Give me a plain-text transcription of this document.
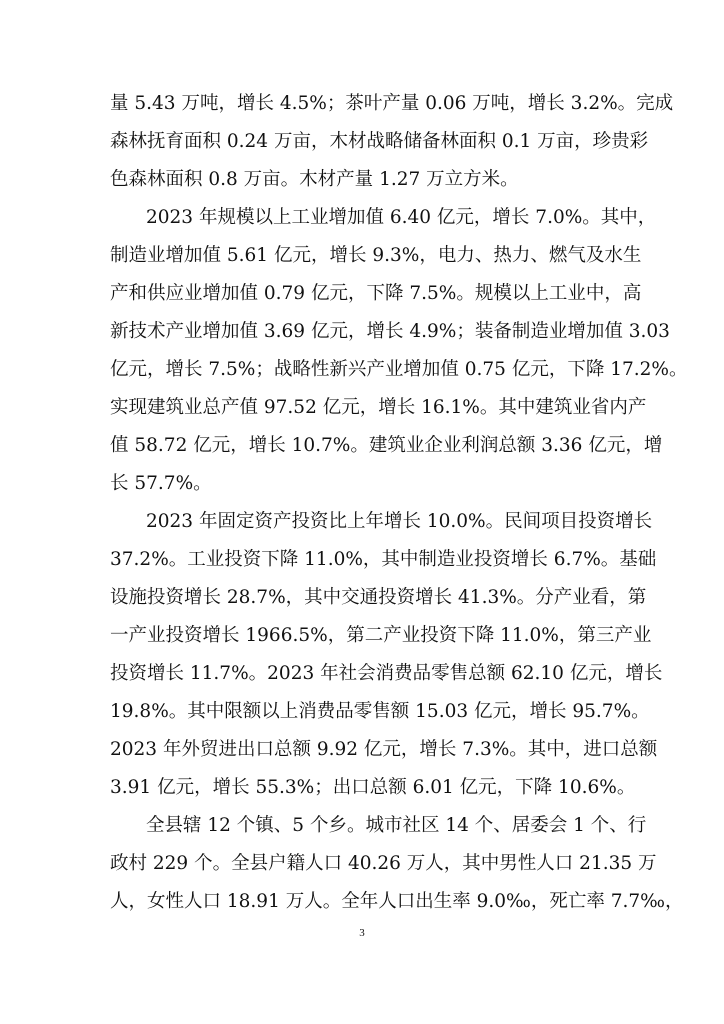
量 5.43 万吨，增长 4.5%；茶叶产量 0.06 万吨，增长 3.2%。完成
森林抚育面积 0.24 万亩，木材战略储备林面积 0.1 万亩，珍贵彩
色森林面积 0.8 万亩。木材产量 1.27 万立方米。
2023 年规模以上工业增加值 6.40 亿元，增长 7.0%。其中，
制造业增加值 5.61 亿元，增长 9.3%，电力、热力、燃气及水生
产和供应业增加值 0.79 亿元，下降 7.5%。规模以上工业中，高
新技术产业增加值 3.69 亿元，增长 4.9%；装备制造业增加值 3.03
亿元，增长 7.5%；战略性新兴产业增加值 0.75 亿元，下降 17.2%。
实现建筑业总产值 97.52 亿元，增长 16.1%。其中建筑业省内产
值 58.72 亿元，增长 10.7%。建筑业企业利润总额 3.36 亿元，增
长 57.7%。
2023 年固定资产投资比上年增长 10.0%。民间项目投资增长
37.2%。工业投资下降 11.0%，其中制造业投资增长 6.7%。基础
设施投资增长 28.7%，其中交通投资增长 41.3%。分产业看，第
一产业投资增长 1966.5%，第二产业投资下降 11.0%，第三产业
投资增长 11.7%。2023 年社会消费品零售总额 62.10 亿元，增长
19.8%。其中限额以上消费品零售额 15.03 亿元，增长 95.7%。
2023 年外贸进出口总额 9.92 亿元，增长 7.3%。其中，进口总额
3.91 亿元，增长 55.3%；出口总额 6.01 亿元，下降 10.6%。
全县辖 12 个镇、5 个乡。城市社区 14 个、居委会 1 个、行
政村 229 个。全县户籍人口 40.26 万人，其中男性人口 21.35 万
人，女性人口 18.91 万人。全年人口出生率 9.0‰，死亡率 7.7‰，
3
